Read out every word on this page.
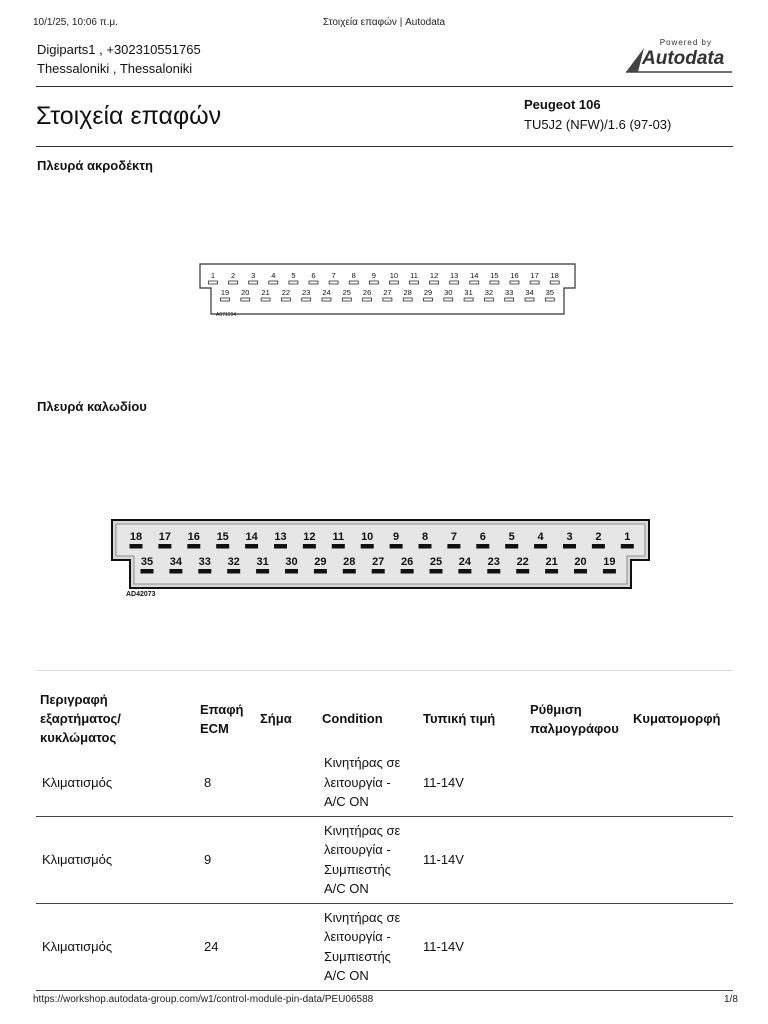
10/1/25, 10:06 π.μ.	Στοιχεία επαφών | Autodata
Digiparts1 , +302310551765
Thessaloniki , Thessaloniki
Powered by
Autodata
Στοιχεία επαφών	Peugeot 106
TU5J2 (NFW)/1.6 (97-03)
Πλευρά ακροδέκτη
1 2 3 4 5 6 7 8 9 10 11 12 13 14 15 16 17 18
19 20 21 22 23 24 25 26 27 28 29 30 31 32 33 34 35
A071594
Πλευρά καλωδίου
18 17 16 15 14 13 12 11 10 9 8 7 6 5 4 3 2 1
35 34 33 32 31 30 29 28 27 26 25 24 23 22 21 20 19
AD42073
Περιγραφή εξαρτήματος/κυκλώματος	Επαφή ECM	Σήμα	Condition	Τυπική τιμή	Ρύθμιση παλμογράφου	Κυματομορφή
Κλιματισμός	8		Κινητήρας σε λειτουργία - A/C ON	11-14V		
Κλιματισμός	9		Κινητήρας σε λειτουργία - Συμπιεστής A/C ON	11-14V		
Κλιματισμός	24		Κινητήρας σε λειτουργία - Συμπιεστής A/C ON	11-14V		
https://workshop.autodata-group.com/w1/control-module-pin-data/PEU06588	1/8
